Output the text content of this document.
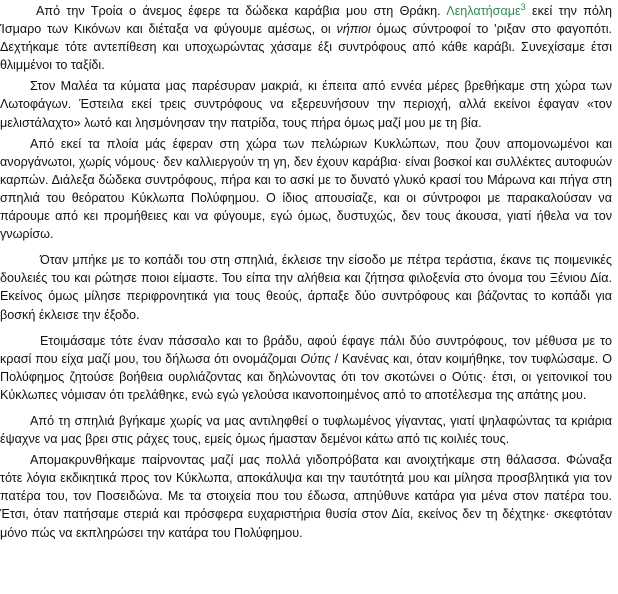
Από την Τροία ο άνεμος έφερε τα δώδεκα καράβια μου στη Θράκη. Λεηλατήσαμε$^3$ εκεί την πόλη Ίσμαρο των Κικόνων και διέταξα να φύγουμε αμέσως, οι νήπιοι όμως σύντροφοί το 'ριξαν στο φαγοπότι. Δεχτήκαμε τότε αντεπίθεση και υποχωρώντας χάσαμε έξι συντρόφους από κάθε καράβι. Συνεχίσαμε έτσι θλιμμένοι το ταξίδι.

Στον Μαλέα τα κύματα μας παρέσυραν μακριά, κι έπειτα από εννέα μέρες βρεθήκαμε στη χώρα των Λωτοφάγων. Έστειλα εκεί τρεις συντρόφους να εξερευνήσουν την περιοχή, αλλά εκείνοι έφαγαν «τον μελιστάλαχτο» λωτό και λησμόνησαν την πατρίδα, τους πήρα όμως μαζί μου με τη βία.

Από εκεί τα πλοία μάς έφεραν στη χώρα των πελώριων Κυκλώπων, που ζουν απομονωμένοι και ανοργάνωτοι, χωρίς νόμους· δεν καλλιεργούν τη γη, δεν έχουν καράβια· είναι βοσκοί και συλλέκτες αυτοφυών καρπών. Διάλεξα δώδεκα συντρόφους, πήρα και το ασκί με το δυνατό γλυκό κρασί του Μάρωνα και πήγα στη σπηλιά του θεόρατου Κύκλωπα Πολύφημου. Ο ίδιος απουσίαζε, και οι σύντροφοι με παρακαλούσαν να πάρουμε από κει προμήθειες και να φύγουμε, εγώ όμως, δυστυχώς, δεν τους άκουσα, γιατί ήθελα να τον γνωρίσω.

Όταν μπήκε με το κοπάδι του στη σπηλιά, έκλεισε την είσοδο με πέτρα τεράστια, έκανε τις ποιμενικές δουλειές του και ρώτησε ποιοι είμαστε. Του είπα την αλήθεια και ζήτησα φιλοξενία στο όνομα του Ξένιου Δία. Εκείνος όμως μίλησε περιφρονητικά για τους θεούς, άρπαξε δύο συντρόφους και βάζοντας το κοπάδι για βοσκή έκλεισε την έξοδο.

Ετοιμάσαμε τότε έναν πάσσαλο και το βράδυ, αφού έφαγε πάλι δύο συντρόφους, τον μέθυσα με το κρασί που είχα μαζί μου, του δήλωσα ότι ονομάζομαι Ούτις / Κανένας και, όταν κοιμήθηκε, τον τυφλώσαμε. Ο Πολύφημος ζητούσε βοήθεια ουρλιάζοντας και δηλώνοντας ότι τον σκοτώνει ο Ούτις· έτσι, οι γειτονικοί του Κύκλωπες νόμισαν ότι τρελάθηκε, ενώ εγώ γελούσα ικανοποιημένος από το αποτέλεσμα της απάτης μου.

Από τη σπηλιά βγήκαμε χωρίς να μας αντιληφθεί ο τυφλωμένος γίγαντας, γιατί ψηλαφώντας τα κριάρια έψαχνε να μας βρει στις ράχες τους, εμείς όμως ήμασταν δεμένοι κάτω από τις κοιλιές τους.

Απομακρυνθήκαμε παίρνοντας μαζί μας πολλά γιδοπρόβατα και ανοιχτήκαμε στη θάλασσα. Φώναξα τότε λόγια εκδικητικά προς τον Κύκλωπα, αποκάλυψα και την ταυτότητά μου και μίλησα προσβλητικά για τον πατέρα του, τον Ποσειδώνα. Με τα στοιχεία που του έδωσα, απηύθυνε κατάρα για μένα στον πατέρα του. Έτσι, όταν πατήσαμε στεριά και πρόσφερα ευχαριστήρια θυσία στον Δία, εκείνος δεν τη δέχτηκε· σκεφτόταν μόνο πώς να εκπληρώσει την κατάρα του Πολύφημου.
